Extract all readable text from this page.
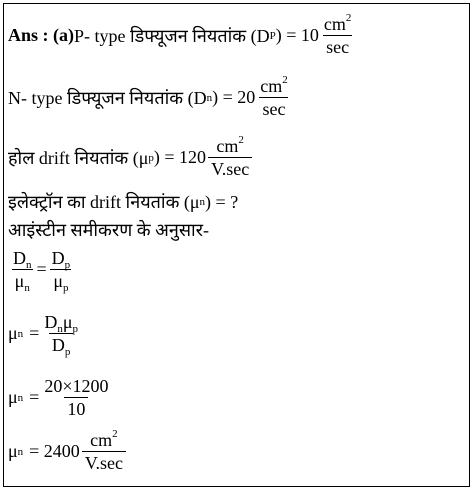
Ans : (a) P- type डिफ्यूजन नियतांक (D P ) = $10 \frac{cm^2}{\sec}$
N- type डिफ्यूजन नियतांक (D n ) = $20 \frac{cm^2}{\sec}$
होल drift नियतांक (μ p ) = $120 \frac{cm^2}{V.\sec}$
इलेक्ट्रॉन का drift नियतांक (μ n ) = ?
आइंस्टीन समीकरण के अनुसार-
$\frac{D_n}{\mu_n} = \frac{D_p}{\mu_p}$
μ $n = \frac{D_n\mu_p}{D_p}$
μ $n = \frac{20\times 1200}{10}$
μ $n = 2400 \frac{cm^2}{V.\sec}$
